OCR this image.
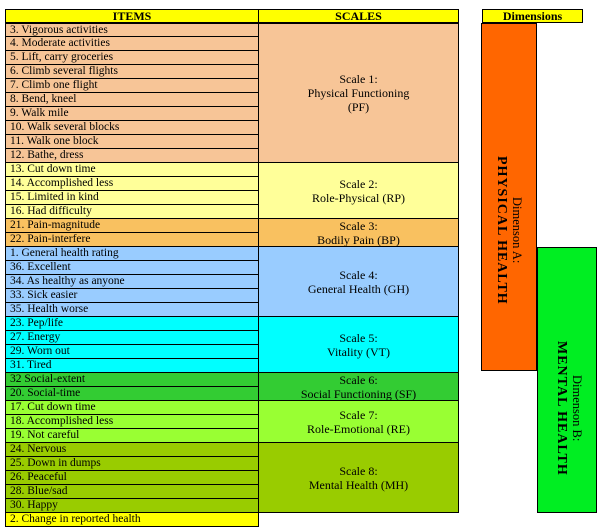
ITEMS	SCALES	Dimensions
3. Vigorous activities
4. Moderate activities
5. Lift, carry groceries
6. Climb several flights
7. Climb one flight
8. Bend, kneel
9. Walk mile
10. Walk several blocks
11. Walk one block
12. Bathe, dress
13. Cut down time
14. Accomplished less
15. Limited in kind
16. Had difficulty
21. Pain-magnitude
22. Pain-interfere
1. General health rating
36. Excellent
34. As healthy as anyone
33. Sick easier
35. Health worse
23. Pep/life
27. Energy
29. Worn out
31. Tired
32 Social-extent
20. Social-time
17. Cut down time
18. Accomplished less
19. Not careful
24. Nervous
25. Down in dumps
26. Peaceful
28. Blue/sad
30. Happy
2. Change in reported health
Scale 1:
Physical Functioning
(PF)
Scale 2:
Role-Physical (RP)
Scale 3:
Bodily Pain (BP)
Scale 4:
General Health (GH)
Scale 5:
Vitality (VT)
Scale 6:
Social Functioning (SF)
Scale 7:
Role-Emotional (RE)
Scale 8:
Mental Health (MH)
Dimenson A:
PHYSICAL HEALTH
Dimenson B:
MENTAL HEALTH
